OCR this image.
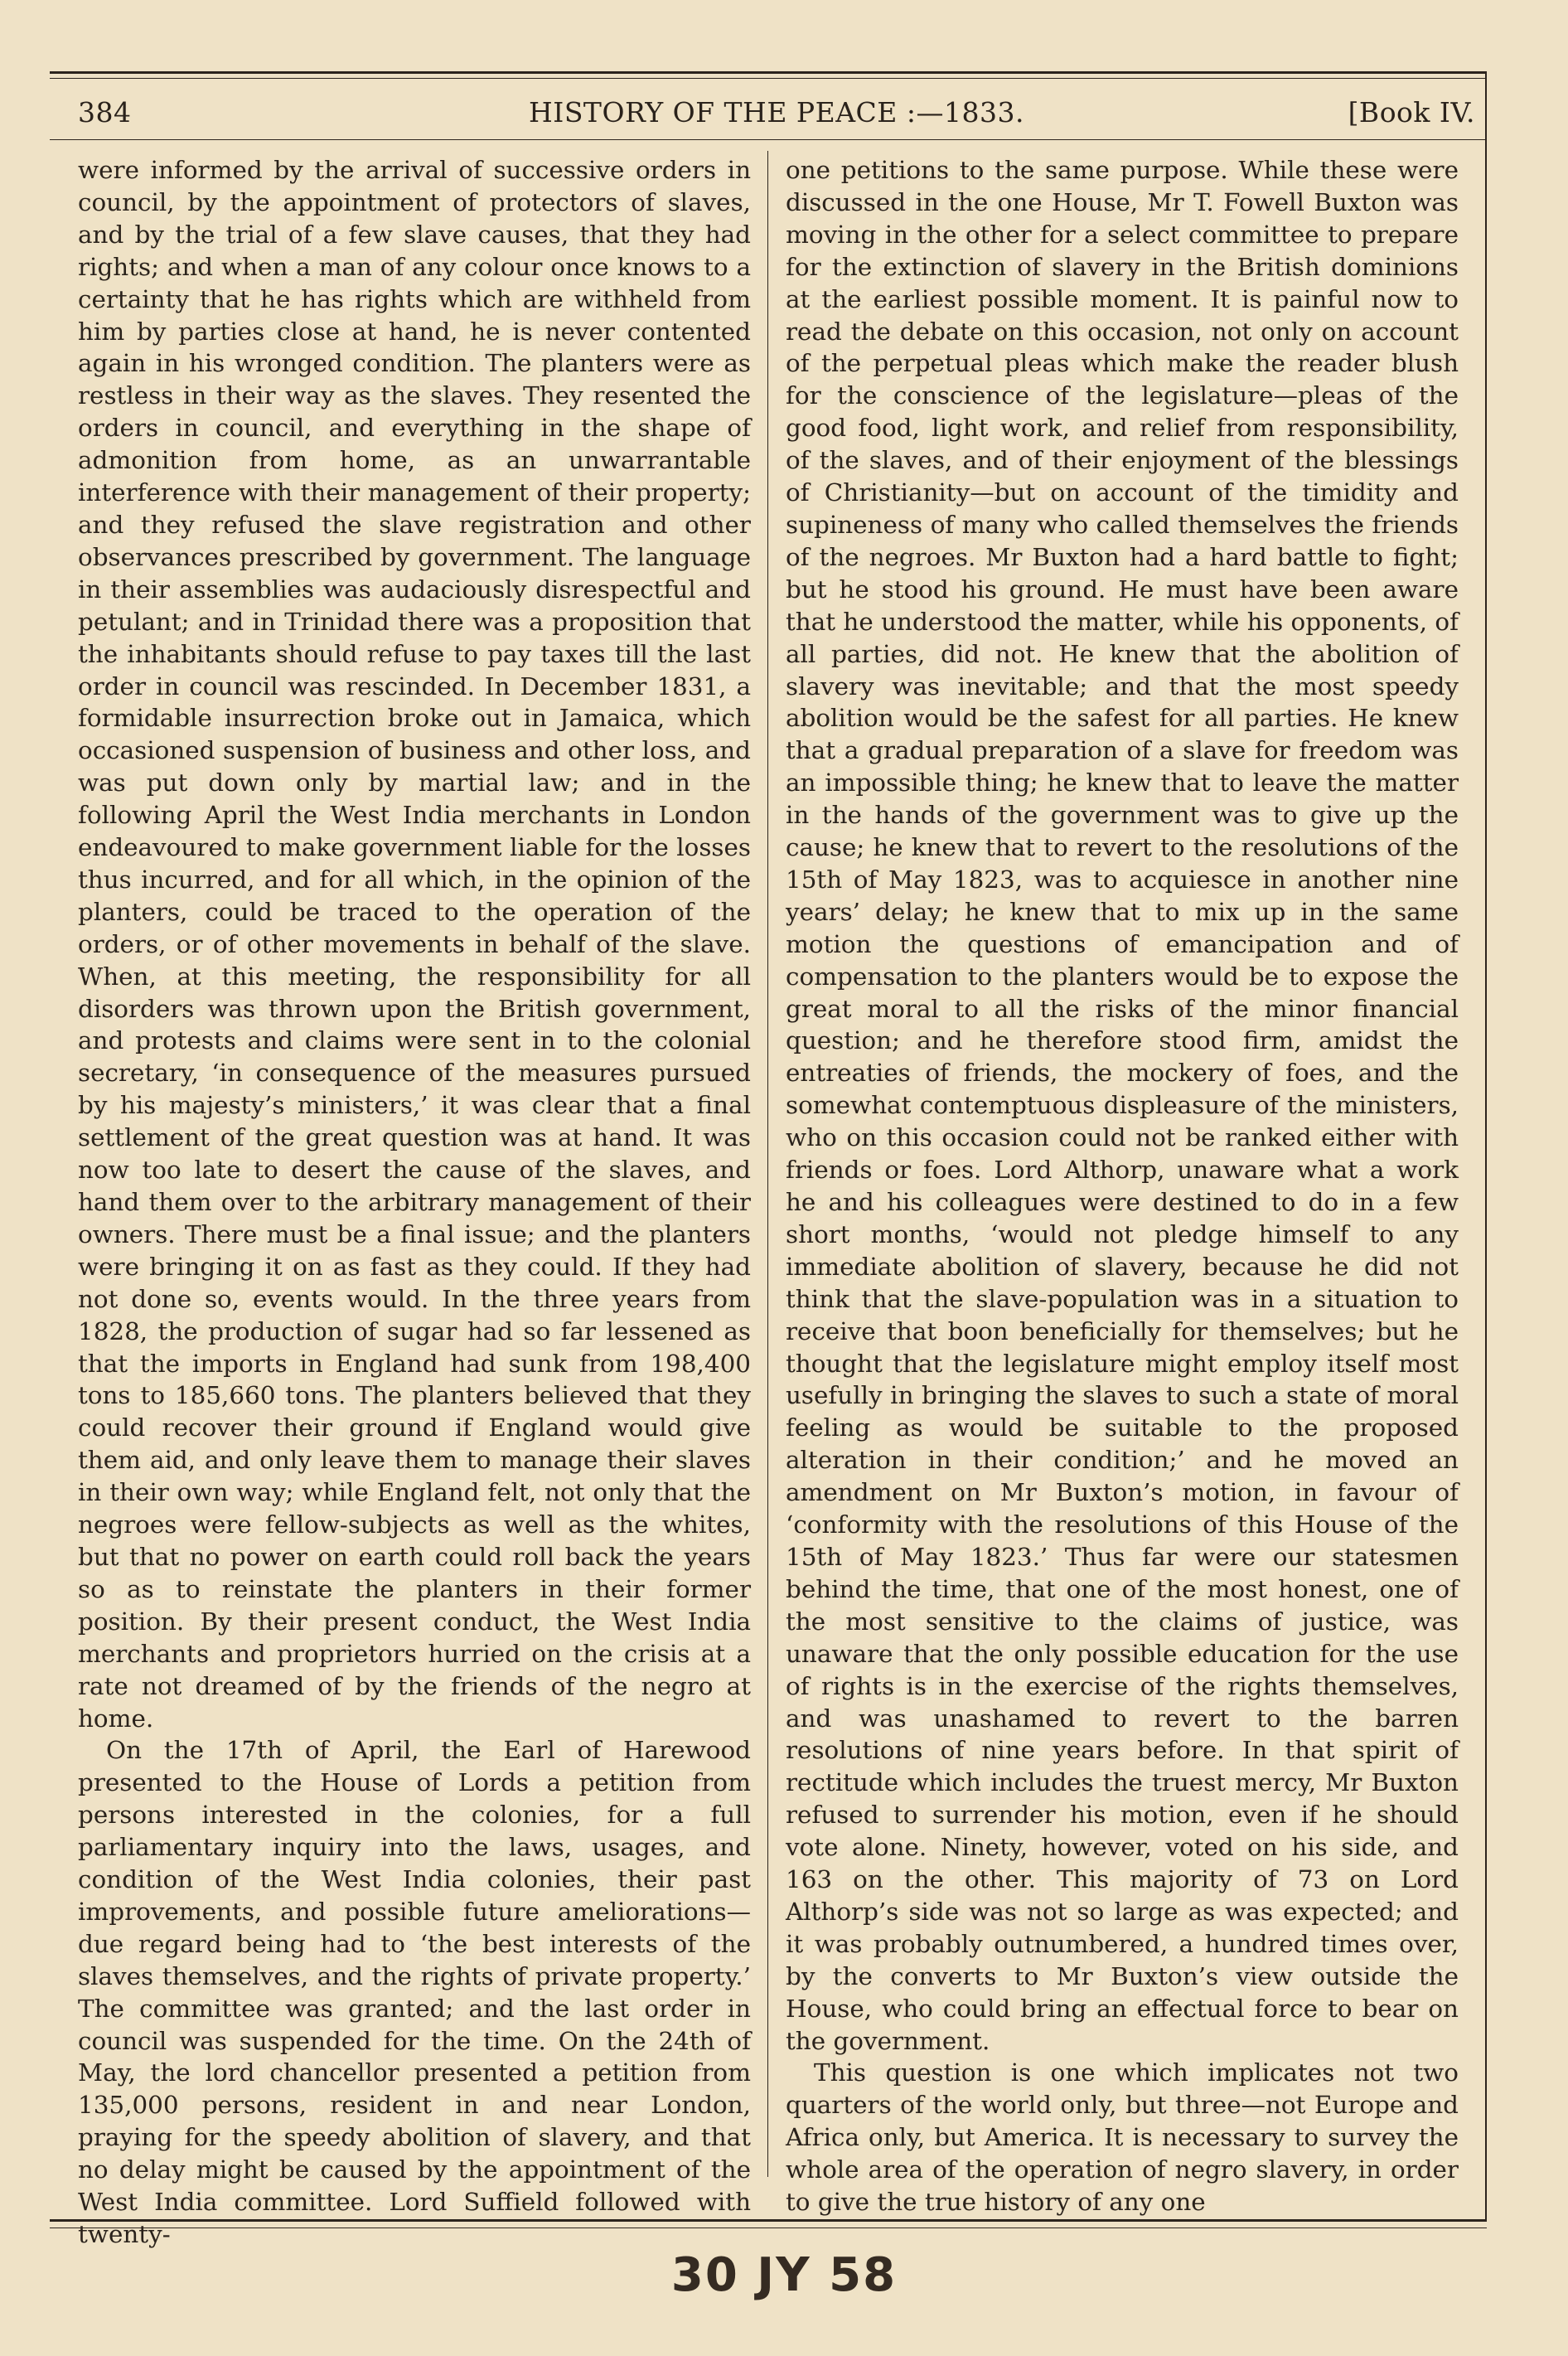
384	HISTORY OF THE PEACE :—1833.	[Book IV.

were informed by the arrival of successive orders in council, by the appointment of protectors of slaves, and by the trial of a few slave causes, that they had rights; and when a man of any colour once knows to a certainty that he has rights which are withheld from him by parties close at hand, he is never contented again in his wronged condition. The planters were as restless in their way as the slaves. They resented the orders in council, and everything in the shape of admonition from home, as an unwarrantable interference with their management of their property; and they refused the slave registration and other observances prescribed by government. The language in their assemblies was audaciously disrespectful and petulant; and in Trinidad there was a proposition that the inhabitants should refuse to pay taxes till the last order in council was rescinded. In December 1831, a formidable insurrection broke out in Jamaica, which occasioned suspension of business and other loss, and was put down only by martial law; and in the following April the West India merchants in London endeavoured to make government liable for the losses thus incurred, and for all which, in the opinion of the planters, could be traced to the operation of the orders, or of other movements in behalf of the slave. When, at this meeting, the responsibility for all disorders was thrown upon the British government, and protests and claims were sent in to the colonial secretary, ‘in consequence of the measures pursued by his majesty’s ministers,’ it was clear that a final settlement of the great question was at hand. It was now too late to desert the cause of the slaves, and hand them over to the arbitrary management of their owners. There must be a final issue; and the planters were bringing it on as fast as they could. If they had not done so, events would. In the three years from 1828, the production of sugar had so far lessened as that the imports in England had sunk from 198,400 tons to 185,660 tons. The planters believed that they could recover their ground if England would give them aid, and only leave them to manage their slaves in their own way; while England felt, not only that the negroes were fellow-subjects as well as the whites, but that no power on earth could roll back the years so as to reinstate the planters in their former position. By their present conduct, the West India merchants and proprietors hurried on the crisis at a rate not dreamed of by the friends of the negro at home.

On the 17th of April, the Earl of Harewood presented to the House of Lords a petition from persons interested in the colonies, for a full parliamentary inquiry into the laws, usages, and condition of the West India colonies, their past improvements, and possible future ameliorations—due regard being had to ‘the best interests of the slaves themselves, and the rights of private property.’ The committee was granted; and the last order in council was suspended for the time. On the 24th of May, the lord chancellor presented a petition from 135,000 persons, resident in and near London, praying for the speedy abolition of slavery, and that no delay might be caused by the appointment of the West India committee. Lord Suffield followed with twenty-

one petitions to the same purpose. While these were discussed in the one House, Mr T. Fowell Buxton was moving in the other for a select committee to prepare for the extinction of slavery in the British dominions at the earliest possible moment. It is painful now to read the debate on this occasion, not only on account of the perpetual pleas which make the reader blush for the conscience of the legislature—pleas of the good food, light work, and relief from responsibility, of the slaves, and of their enjoyment of the blessings of Christianity—but on account of the timidity and supineness of many who called themselves the friends of the negroes. Mr Buxton had a hard battle to fight; but he stood his ground. He must have been aware that he understood the matter, while his opponents, of all parties, did not. He knew that the abolition of slavery was inevitable; and that the most speedy abolition would be the safest for all parties. He knew that a gradual preparation of a slave for freedom was an impossible thing; he knew that to leave the matter in the hands of the government was to give up the cause; he knew that to revert to the resolutions of the 15th of May 1823, was to acquiesce in another nine years’ delay; he knew that to mix up in the same motion the questions of emancipation and of compensation to the planters would be to expose the great moral to all the risks of the minor financial question; and he therefore stood firm, amidst the entreaties of friends, the mockery of foes, and the somewhat contemptuous displeasure of the ministers, who on this occasion could not be ranked either with friends or foes. Lord Althorp, unaware what a work he and his colleagues were destined to do in a few short months, ‘would not pledge himself to any immediate abolition of slavery, because he did not think that the slave-population was in a situation to receive that boon beneficially for themselves; but he thought that the legislature might employ itself most usefully in bringing the slaves to such a state of moral feeling as would be suitable to the proposed alteration in their condition;’ and he moved an amendment on Mr Buxton’s motion, in favour of ‘conformity with the resolutions of this House of the 15th of May 1823.’ Thus far were our statesmen behind the time, that one of the most honest, one of the most sensitive to the claims of justice, was unaware that the only possible education for the use of rights is in the exercise of the rights themselves, and was unashamed to revert to the barren resolutions of nine years before. In that spirit of rectitude which includes the truest mercy, Mr Buxton refused to surrender his motion, even if he should vote alone. Ninety, however, voted on his side, and 163 on the other. This majority of 73 on Lord Althorp’s side was not so large as was expected; and it was probably outnumbered, a hundred times over, by the converts to Mr Buxton’s view outside the House, who could bring an effectual force to bear on the government.

This question is one which implicates not two quarters of the world only, but three—not Europe and Africa only, but America. It is necessary to survey the whole area of the operation of negro slavery, in order to give the true history of any one

30 JY 58
